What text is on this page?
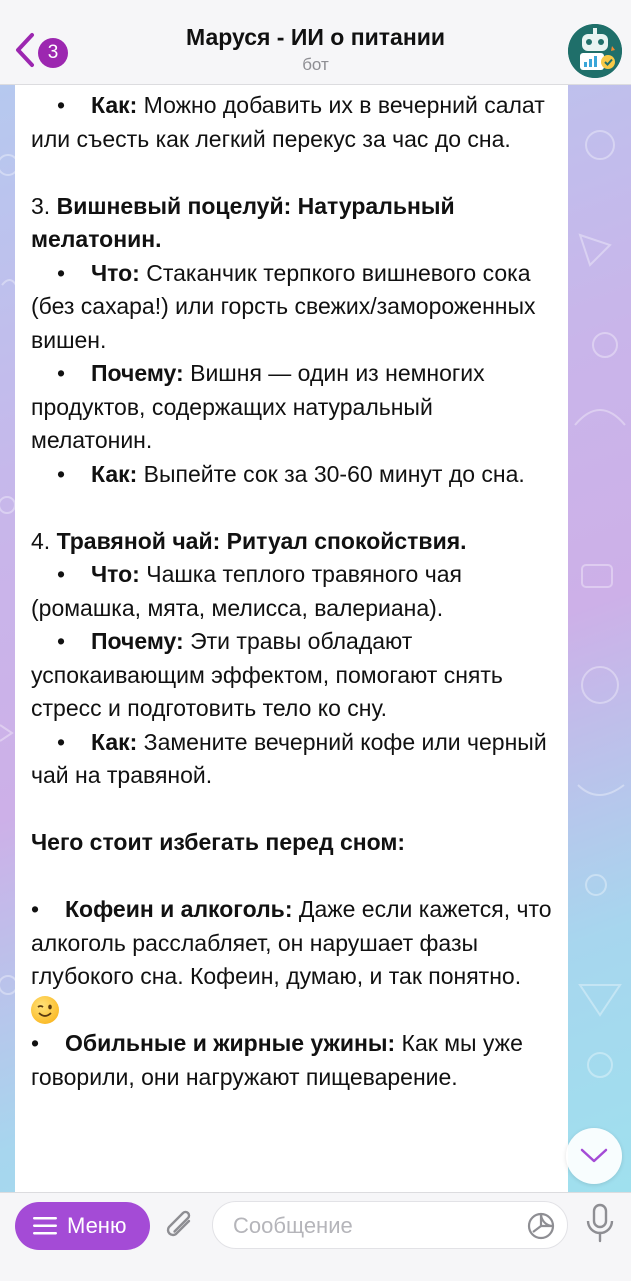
3
Маруся - ИИ о питании
бот
• Как: Можно добавить их в вечерний салат или съесть как легкий перекус за час до сна.
3. Вишневый поцелуй: Натуральный мелатонин.
• Что: Стаканчик терпкого вишневого сока (без сахара!) или горсть свежих/замороженных вишен.
• Почему: Вишня — один из немногих продуктов, содержащих натуральный мелатонин.
• Как: Выпейте сок за 30-60 минут до сна.
4. Травяной чай: Ритуал спокойствия.
• Что: Чашка теплого травяного чая (ромашка, мята, мелисса, валериана).
• Почему: Эти травы обладают успокаивающим эффектом, помогают снять стресс и подготовить тело ко сну.
• Как: Замените вечерний кофе или черный чай на травяной.
Чего стоит избегать перед сном:
• Кофеин и алкоголь: Даже если кажется, что алкоголь расслабляет, он нарушает фазы глубокого сна. Кофеин, думаю, и так понятно.
• Обильные и жирные ужины: Как мы уже говорили, они нагружают пищеварение.
Меню
Сообщение
